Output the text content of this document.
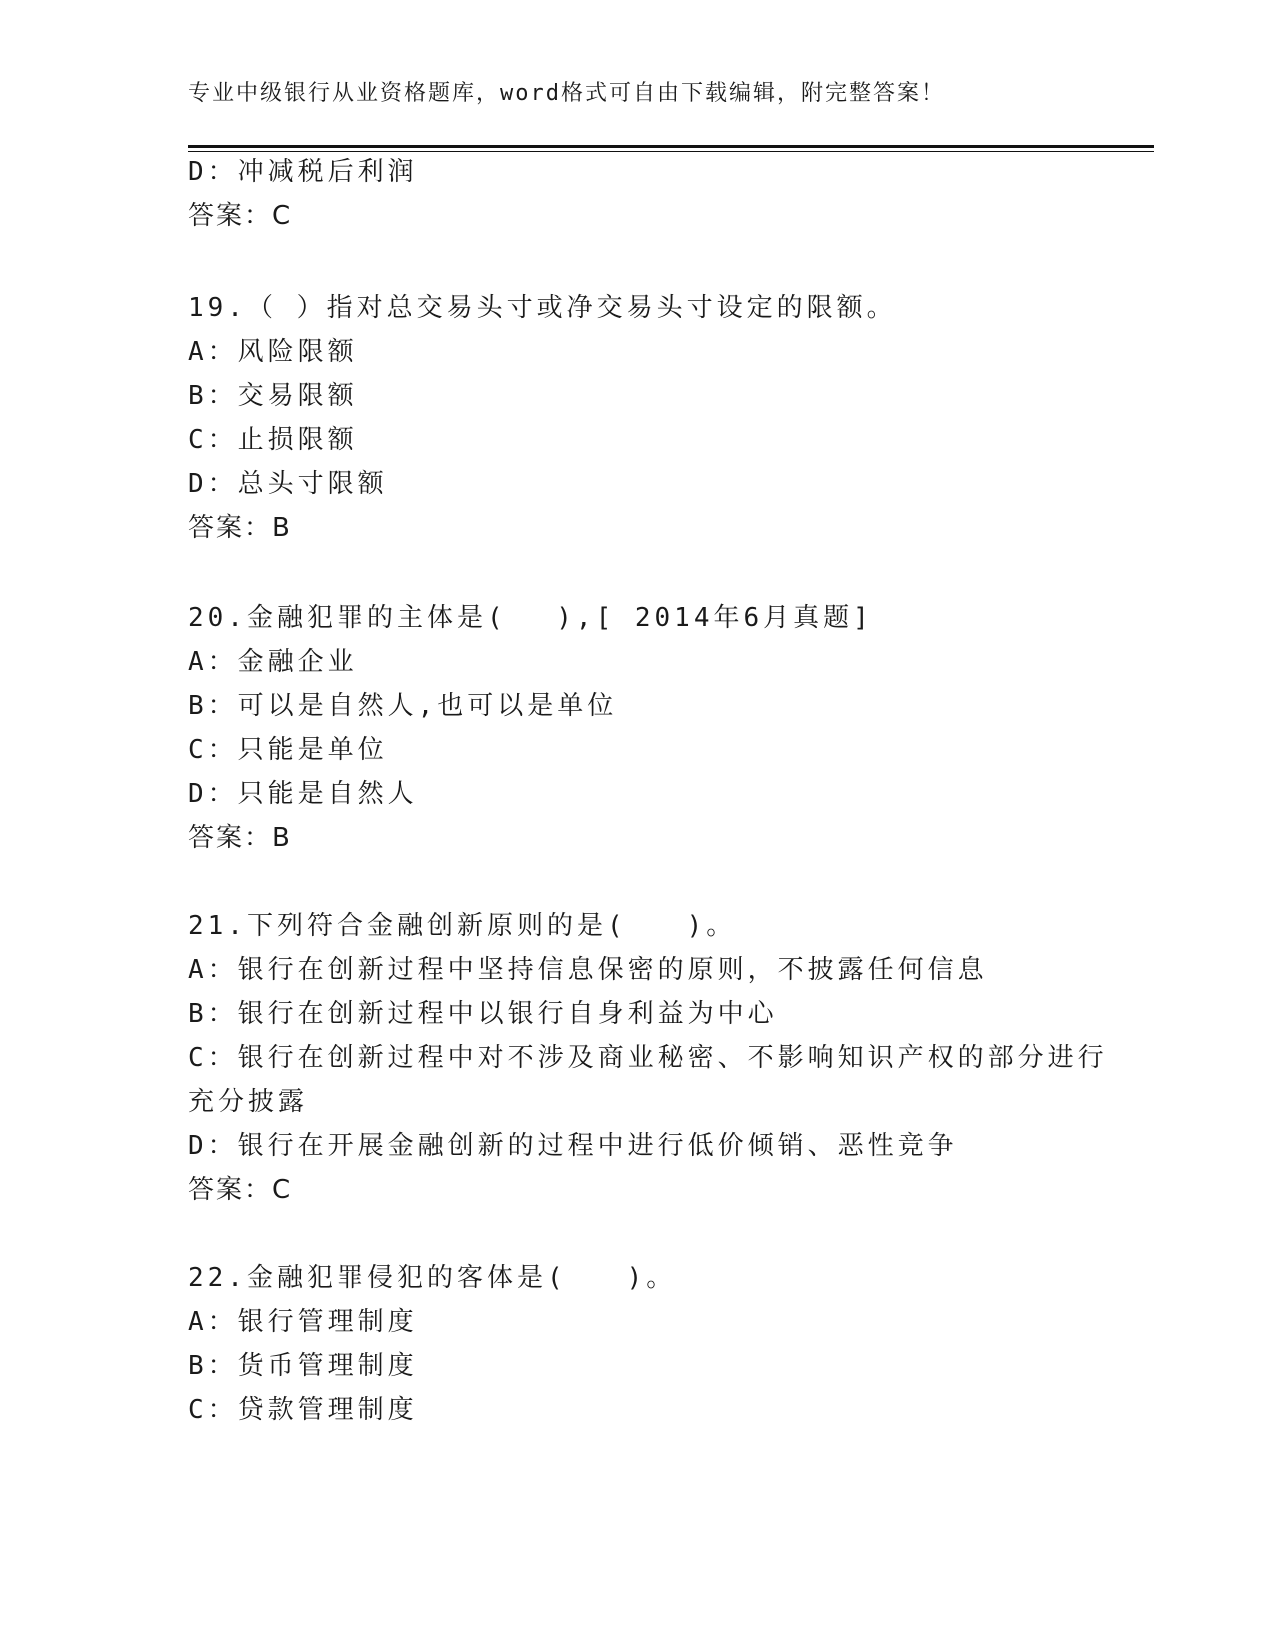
专业中级银行从业资格题库，word格式可自由下载编辑，附完整答案！
D：冲减税后利润
答案：C
19.（ ）指对总交易头寸或净交易头寸设定的限额。
A：风险限额
B：交易限额
C：止损限额
D：总头寸限额
答案：B
20.金融犯罪的主体是(　 ),[ 2014年6月真题]
A：金融企业
B：可以是自然人,也可以是单位
C：只能是单位
D：只能是自然人
答案：B
21.下列符合金融创新原则的是(　　)。
A：银行在创新过程中坚持信息保密的原则，不披露任何信息
B：银行在创新过程中以银行自身利益为中心
C：银行在创新过程中对不涉及商业秘密、不影响知识产权的部分进行
充分披露
D：银行在开展金融创新的过程中进行低价倾销、恶性竞争
答案：C
22.金融犯罪侵犯的客体是(　　)。
A：银行管理制度
B：货币管理制度
C：贷款管理制度
